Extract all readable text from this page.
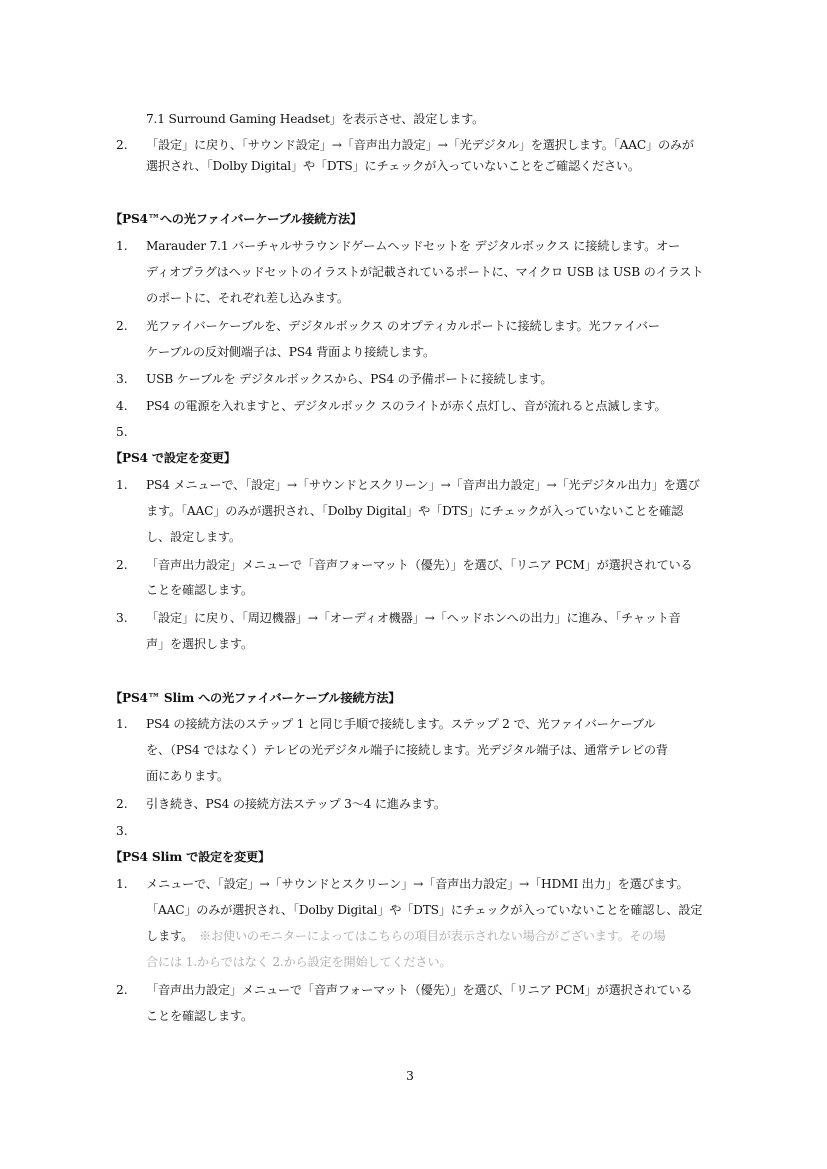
7.1 Surround Gaming Headset」を表示させ、設定します。
2. 「設定」に戻り、「サウンド設定」→「音声出力設定」→「光デジタル」を選択します。「AAC」のみが
選択され、「Dolby Digital」や「DTS」にチェックが入っていないことをご確認ください。
【PS4™への光ファイバーケーブル接続方法】
1. Marauder 7.1 バーチャルサラウンドゲームヘッドセットを デジタルボックス に接続します。オー
ディオプラグはヘッドセットのイラストが記載されているポートに、マイクロ USB は USB のイラスト
のポートに、それぞれ差し込みます。
2. 光ファイバーケーブルを、デジタルボックス のオプティカルポートに接続します。光ファイバー
ケーブルの反対側端子は、PS4 背面より接続します。
3. USB ケーブルを デジタルボックスから、PS4 の予備ポートに接続します。
4. PS4 の電源を入れますと、デジタルボック スのライトが赤く点灯し、音が流れると点滅します。
5.
【PS4 で設定を変更】
1. PS4 メニューで、「設定」→「サウンドとスクリーン」→「音声出力設定」→「光デジタル出力」を選び
ます。「AAC」のみが選択され、「Dolby Digital」や「DTS」にチェックが入っていないことを確認
し、設定します。
2. 「音声出力設定」メニューで「音声フォーマット（優先）」を選び、「リニア PCM」が選択されている
ことを確認します。
3. 「設定」に戻り、「周辺機器」→「オーディオ機器」→「ヘッドホンへの出力」に進み、「チャット音
声」を選択します。
【PS4™ Slim への光ファイバーケーブル接続方法】
1. PS4 の接続方法のステップ 1 と同じ手順で接続します。ステップ 2 で、光ファイバーケーブル
を、（PS4 ではなく）テレビの光デジタル端子に接続します。光デジタル端子は、通常テレビの背
面にあります。
2. 引き続き、PS4 の接続方法ステップ 3～4 に進みます。
3.
【PS4 Slim で設定を変更】
1. メニューで、「設定」→「サウンドとスクリーン」→「音声出力設定」→「HDMI 出力」を選びます。
「AAC」のみが選択され、「Dolby Digital」や「DTS」にチェックが入っていないことを確認し、設定
します。 ※お使いのモニターによってはこちらの項目が表示されない場合がございます。その場
合には 1.からではなく 2.から設定を開始してください。
2. 「音声出力設定」メニューで「音声フォーマット（優先）」を選び、「リニア PCM」が選択されている
ことを確認します。
3
